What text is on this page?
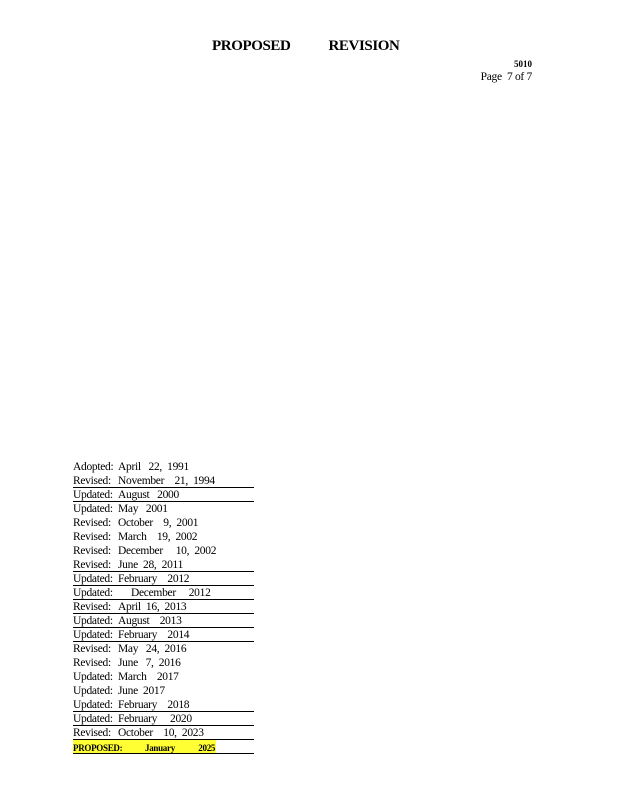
PROPOSED	REVISION
5010
Page  7 of 7
Adopted: April   22,  1991
Revised: November    21,  1994
Updated: August   2000
Updated: May   2001
Revised: October    9,  2001
Revised: March    19,  2002
Revised: December     10,  2002
Revised: June  28,  2011
Updated: February    2012
Updated: December     2012
Revised: April  16,  2013
Updated: August    2013
Updated: February    2014
Revised: May   24,  2016
Revised: June   7,  2016
Updated: March    2017
Updated: June  2017
Updated: February    2018
Updated: February     2020
Revised: October    10,  2023
PROPOSED:	January            2025
